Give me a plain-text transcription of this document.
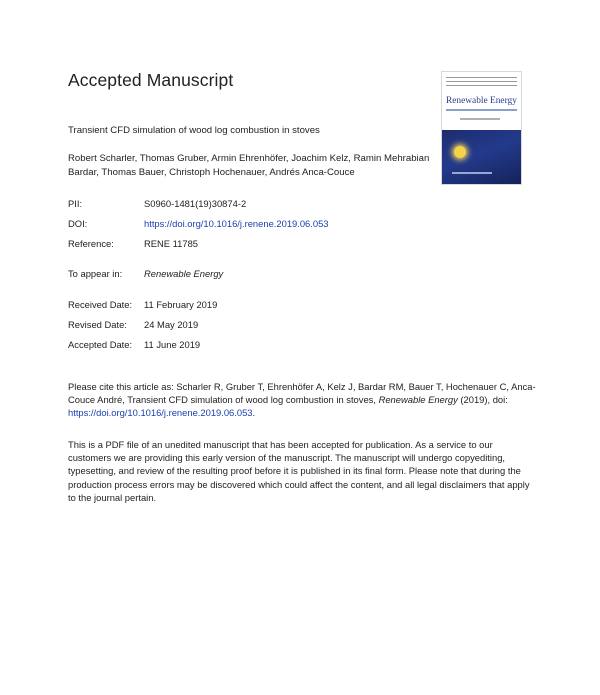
Accepted Manuscript
Renewable Energy
Transient CFD simulation of wood log combustion in stoves
Robert Scharler, Thomas Gruber, Armin Ehrenhöfer, Joachim Kelz, Ramin Mehrabian Bardar, Thomas Bauer, Christoph Hochenauer, Andrés Anca-Couce
PII:	S0960-1481(19)30874-2
DOI:	https://doi.org/10.1016/j.renene.2019.06.053
Reference:	RENE 11785
To appear in: Renewable Energy
Received Date: 11 February 2019
Revised Date: 24 May 2019
Accepted Date: 11 June 2019
Please cite this article as: Scharler R, Gruber T, Ehrenhöfer A, Kelz J, Bardar RM, Bauer T, Hochenauer C, Anca-Couce André, Transient CFD simulation of wood log combustion in stoves, Renewable Energy (2019), doi: https://doi.org/10.1016/j.renene.2019.06.053.
This is a PDF file of an unedited manuscript that has been accepted for publication. As a service to our customers we are providing this early version of the manuscript. The manuscript will undergo copyediting, typesetting, and review of the resulting proof before it is published in its final form. Please note that during the production process errors may be discovered which could affect the content, and all legal disclaimers that apply to the journal pertain.
